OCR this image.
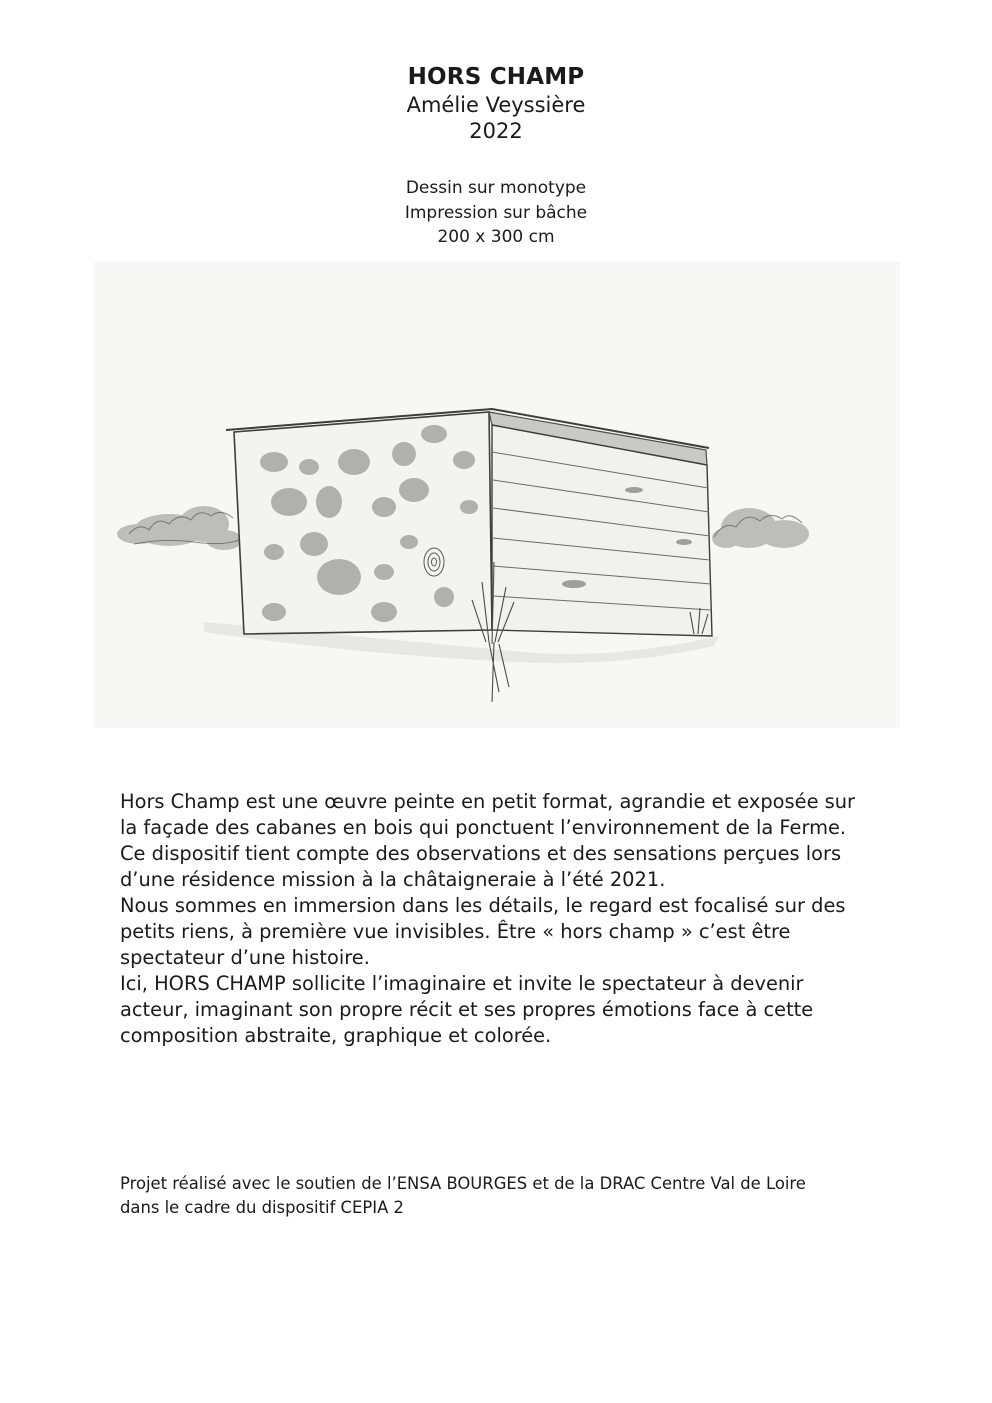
HORS CHAMP
Amélie Veyssière
2022
Dessin sur monotype
Impression sur bâche
200 x 300 cm
Hors Champ est une œuvre peinte en petit format, agrandie et exposée sur
la façade des cabanes en bois qui ponctuent l’environnement de la Ferme.
Ce dispositif tient compte des observations et des sensations perçues lors
d’une résidence mission à la châtaigneraie à l’été 2021.
Nous sommes en immersion dans les détails, le regard est focalisé sur des
petits riens, à première vue invisibles. Être « hors champ » c’est être
spectateur d’une histoire.
Ici, HORS CHAMP sollicite l’imaginaire et invite le spectateur à devenir
acteur, imaginant son propre récit et ses propres émotions face à cette
composition abstraite, graphique et colorée.
Projet réalisé avec le soutien de l’ENSA BOURGES et de la DRAC Centre Val de Loire
dans le cadre du dispositif CEPIA 2
